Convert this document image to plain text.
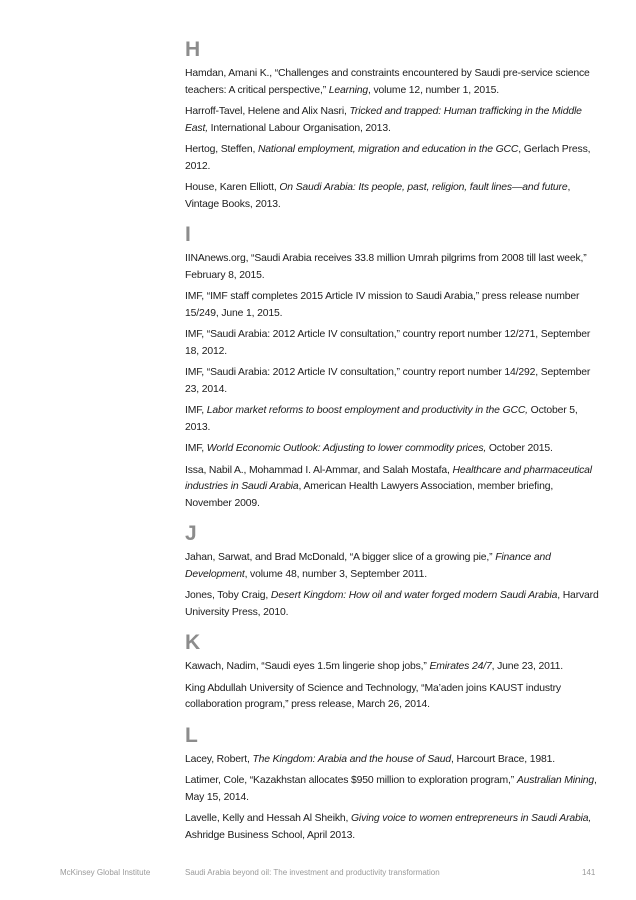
H

Hamdan, Amani K., “Challenges and constraints encountered by Saudi pre-service science teachers: A critical perspective,” Learning, volume 12, number 1, 2015.

Harroff-Tavel, Helene and Alix Nasri, Tricked and trapped: Human trafficking in the Middle East, International Labour Organisation, 2013.

Hertog, Steffen, National employment, migration and education in the GCC, Gerlach Press, 2012.

House, Karen Elliott, On Saudi Arabia: Its people, past, religion, fault lines—and future, Vintage Books, 2013.

I

IINAnews.org, “Saudi Arabia receives 33.8 million Umrah pilgrims from 2008 till last week,” February 8, 2015.

IMF, “IMF staff completes 2015 Article IV mission to Saudi Arabia,” press release number 15/249, June 1, 2015.

IMF, “Saudi Arabia: 2012 Article IV consultation,” country report number 12/271, September 18, 2012.

IMF, “Saudi Arabia: 2012 Article IV consultation,” country report number 14/292, September 23, 2014.

IMF, Labor market reforms to boost employment and productivity in the GCC, October 5, 2013.

IMF, World Economic Outlook: Adjusting to lower commodity prices, October 2015.

Issa, Nabil A., Mohammad I. Al-Ammar, and Salah Mostafa, Healthcare and pharmaceutical industries in Saudi Arabia, American Health Lawyers Association, member briefing, November 2009.

J

Jahan, Sarwat, and Brad McDonald, “A bigger slice of a growing pie,” Finance and Development, volume 48, number 3, September 2011.

Jones, Toby Craig, Desert Kingdom: How oil and water forged modern Saudi Arabia, Harvard University Press, 2010.

K

Kawach, Nadim, “Saudi eyes 1.5m lingerie shop jobs,” Emirates 24/7, June 23, 2011.

King Abdullah University of Science and Technology, “Ma’aden joins KAUST industry collaboration program,” press release, March 26, 2014.

L

Lacey, Robert, The Kingdom: Arabia and the house of Saud, Harcourt Brace, 1981.

Latimer, Cole, “Kazakhstan allocates $950 million to exploration program,” Australian Mining, May 15, 2014.

Lavelle, Kelly and Hessah Al Sheikh, Giving voice to women entrepreneurs in Saudi Arabia, Ashridge Business School, April 2013.

McKinsey Global Institute	Saudi Arabia beyond oil: The investment and productivity transformation	141
